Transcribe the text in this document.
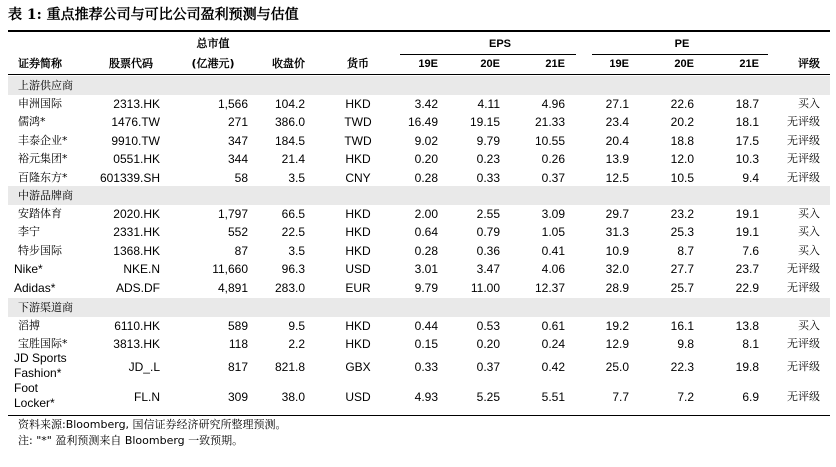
表 1: 重点推荐公司与可比公司盈利预测与估值
总市值	EPS	PE
证券简称	股票代码	(亿港元)	收盘价	货币	19E	20E	21E	19E	20E	21E	评级
上游供应商
申洲国际	2313.HK	1,566	104.2	HKD	3.42	4.11	4.96	27.1	22.6	18.7	买入
儒鸿*	1476.TW	271	386.0	TWD	16.49	19.15	21.33	23.4	20.2	18.1	无评级
丰泰企业*	9910.TW	347	184.5	TWD	9.02	9.79	10.55	20.4	18.8	17.5	无评级
裕元集团*	0551.HK	344	21.4	HKD	0.20	0.23	0.26	13.9	12.0	10.3	无评级
百隆东方*	601339.SH	58	3.5	CNY	0.28	0.33	0.37	12.5	10.5	9.4	无评级
中游品牌商
安踏体育	2020.HK	1,797	66.5	HKD	2.00	2.55	3.09	29.7	23.2	19.1	买入
李宁	2331.HK	552	22.5	HKD	0.64	0.79	1.05	31.3	25.3	19.1	买入
特步国际	1368.HK	87	3.5	HKD	0.28	0.36	0.41	10.9	8.7	7.6	买入
Nike*	NKE.N	11,660	96.3	USD	3.01	3.47	4.06	32.0	27.7	23.7	无评级
Adidas*	ADS.DF	4,891	283.0	EUR	9.79	11.00	12.37	28.9	25.7	22.9	无评级
下游渠道商
滔搏	6110.HK	589	9.5	HKD	0.44	0.53	0.61	19.2	16.1	13.8	买入
宝胜国际*	3813.HK	118	2.2	HKD	0.15	0.20	0.24	12.9	9.8	8.1	无评级
JD Sports
Fashion*	JD_.L	817	821.8	GBX	0.33	0.37	0.42	25.0	22.3	19.8	无评级
Foot
Locker*	FL.N	309	38.0	USD	4.93	5.25	5.51	7.7	7.2	6.9	无评级
资料来源:Bloomberg, 国信证券经济研究所整理预测。
注: "*" 盈利预测来自 Bloomberg 一致预期。
